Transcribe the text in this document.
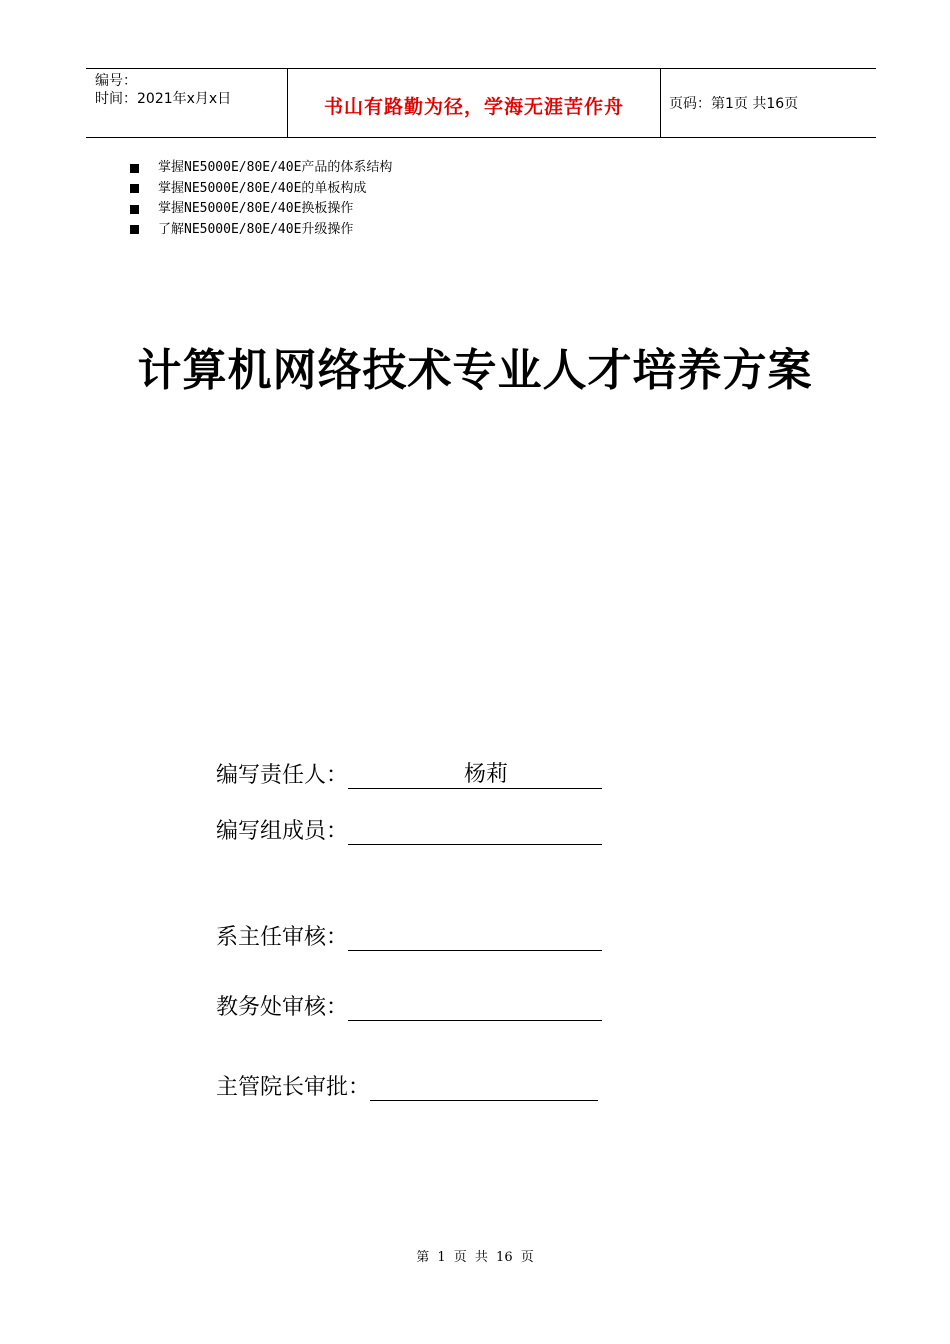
编号：
时间：2021年x月x日	书山有路勤为径，学海无涯苦作舟	页码：第1页 共16页
掌握NE5000E/80E/40E产品的体系结构
掌握NE5000E/80E/40E的单板构成
掌握NE5000E/80E/40E换板操作
了解NE5000E/80E/40E升级操作
计算机网络技术专业人才培养方案
编写责任人：	杨莉
编写组成员：
系主任审核：
教务处审核：
主管院长审批：
第 1 页 共 16 页
